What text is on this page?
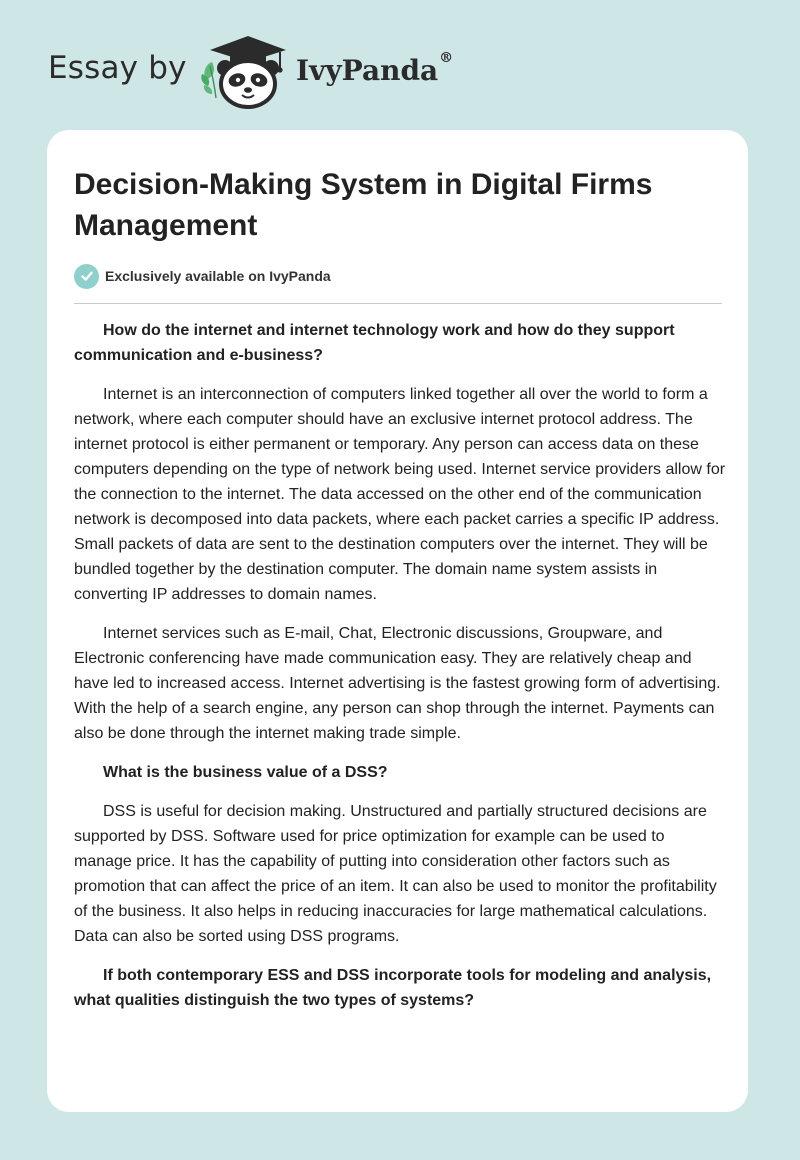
Essay by	IvyPanda®
Decision-Making System in Digital Firms Management
Exclusively available on IvyPanda

How do the internet and internet technology work and how do they support communication and e-business?

Internet is an interconnection of computers linked together all over the world to form a network, where each computer should have an exclusive internet protocol address. The internet protocol is either permanent or temporary. Any person can access data on these computers depending on the type of network being used. Internet service providers allow for the connection to the internet. The data accessed on the other end of the communication network is decomposed into data packets, where each packet carries a specific IP address. Small packets of data are sent to the destination computers over the internet. They will be bundled together by the destination computer. The domain name system assists in converting IP addresses to domain names.

Internet services such as E-mail, Chat, Electronic discussions, Groupware, and Electronic conferencing have made communication easy. They are relatively cheap and have led to increased access. Internet advertising is the fastest growing form of advertising. With the help of a search engine, any person can shop through the internet. Payments can also be done through the internet making trade simple.

What is the business value of a DSS?

DSS is useful for decision making. Unstructured and partially structured decisions are supported by DSS. Software used for price optimization for example can be used to manage price. It has the capability of putting into consideration other factors such as promotion that can affect the price of an item. It can also be used to monitor the profitability of the business. It also helps in reducing inaccuracies for large mathematical calculations. Data can also be sorted using DSS programs.

If both contemporary ESS and DSS incorporate tools for modeling and analysis, what qualities distinguish the two types of systems?
